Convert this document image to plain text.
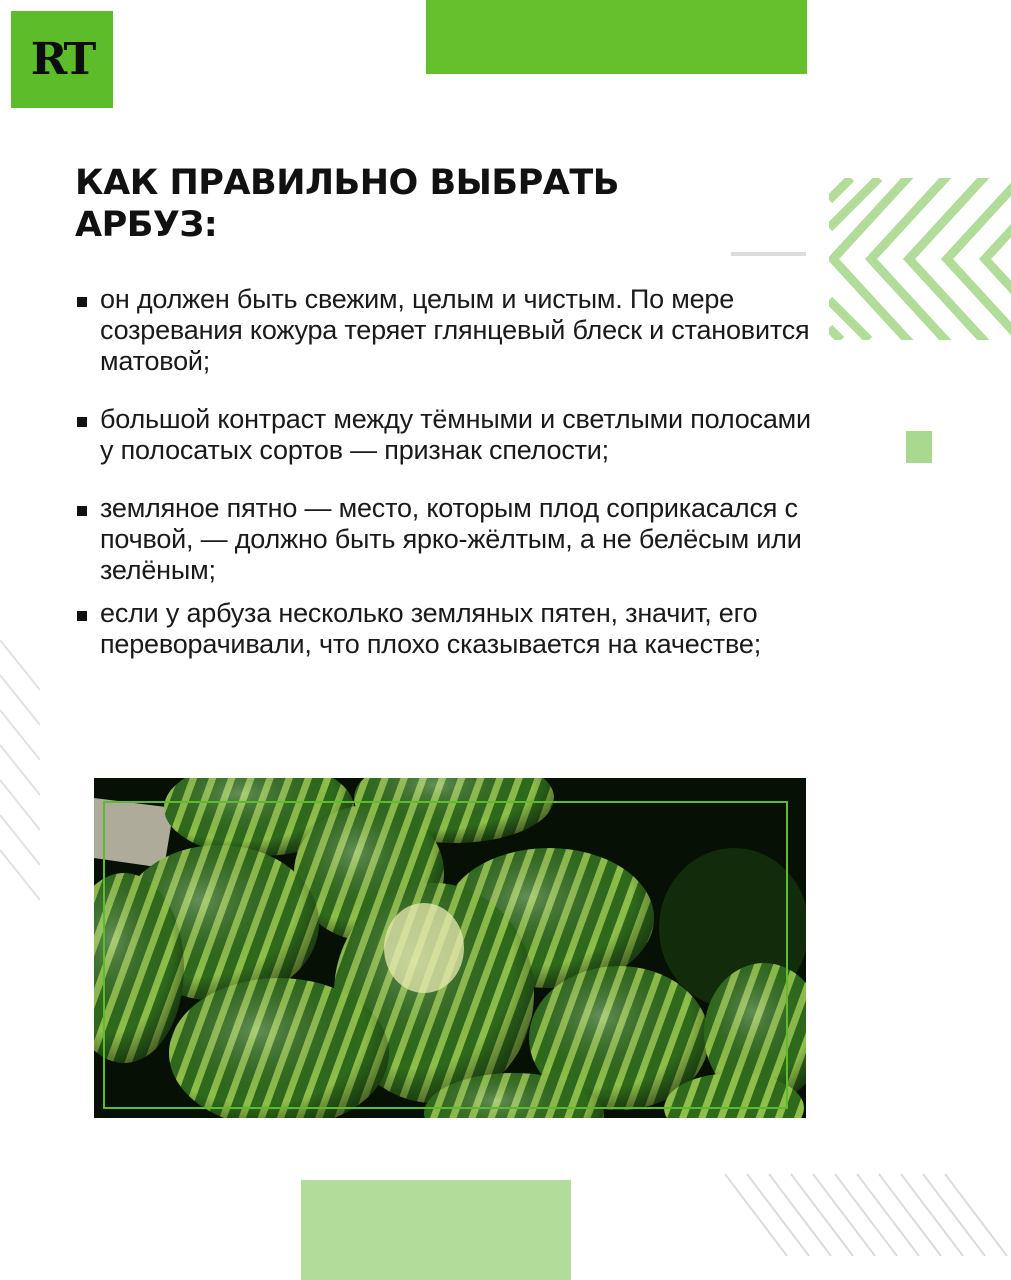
RT
КАК ПРАВИЛЬНО ВЫБРАТЬ АРБУЗ:
он должен быть свежим, целым и чистым. По мере созревания кожура теряет глянцевый блеск и становится матовой;
большой контраст между тёмными и светлыми полосами у полосатых сортов — признак спелости;
земляное пятно — место, которым плод соприкасался с почвой, — должно быть ярко-жёлтым, а не белёсым или зелёным;
если у арбуза несколько земляных пятен, значит, его переворачивали, что плохо сказывается на качестве;
